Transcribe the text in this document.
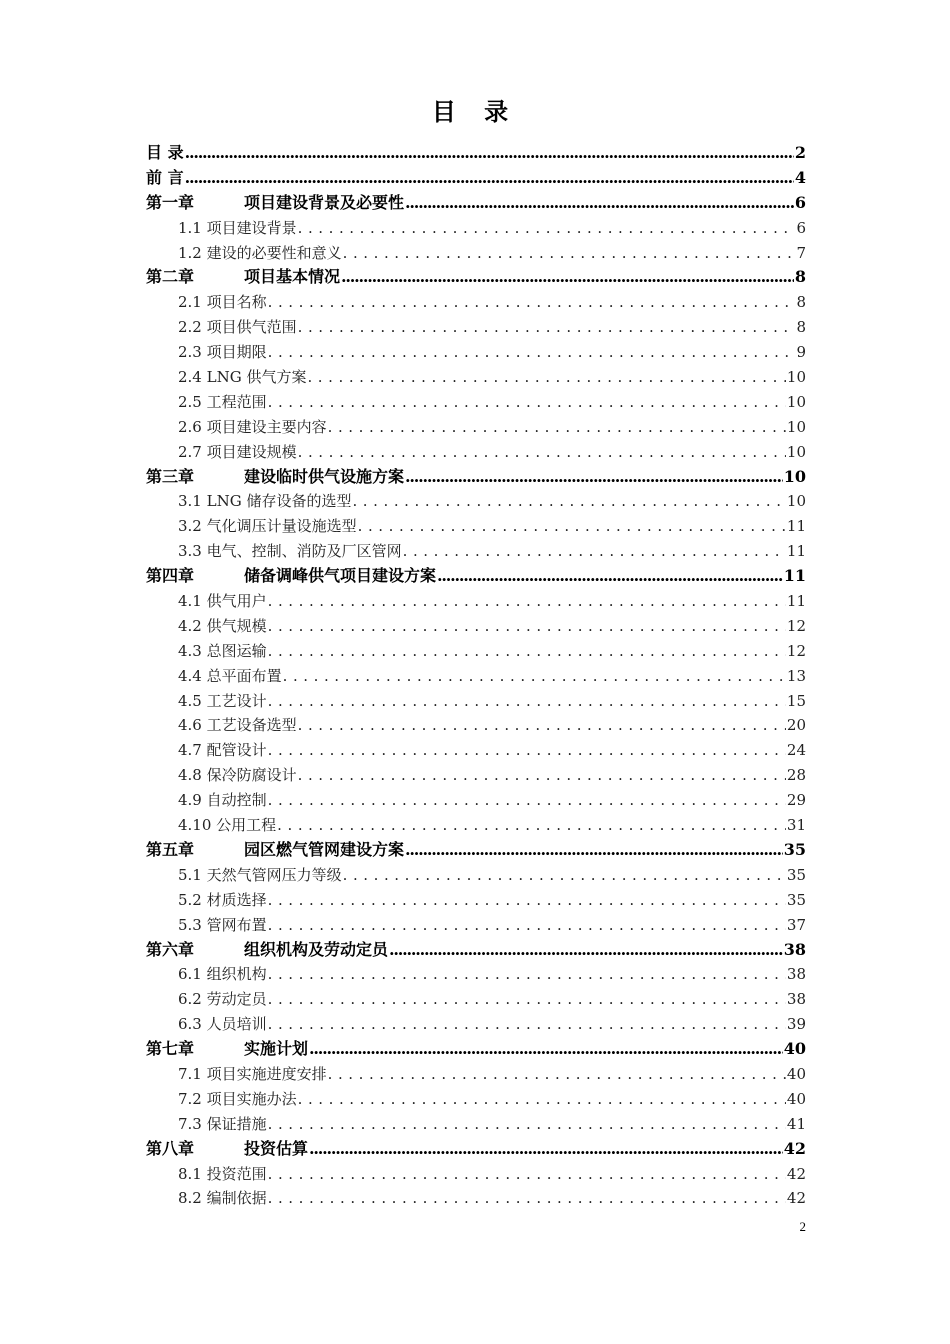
目 录
目 录 .....	2
前 言 .....	4
第一章	项目建设背景及必要性 .....	6
1.1 项目建设背景 . . .	6
1.2 建设的必要性和意义 . . .	7
第二章	项目基本情况 .....	8
2.1 项目名称 . . .	8
2.2 项目供气范围 . . .	8
2.3 项目期限 . . .	9
2.4 LNG 供气方案 . . .	10
2.5 工程范围 . . .	10
2.6 项目建设主要内容 . . .	10
2.7 项目建设规模 . . .	10
第三章	建设临时供气设施方案 .....	10
3.1 LNG 储存设备的选型 . . .	10
3.2 气化调压计量设施选型 . . .	11
3.3 电气、控制、消防及厂区管网 . . .	11
第四章	储备调峰供气项目建设方案 .....	11
4.1 供气用户 . . .	11
4.2 供气规模 . . .	12
4.3 总图运输 . . .	12
4.4 总平面布置 . . .	13
4.5 工艺设计 . . .	15
4.6 工艺设备选型 . . .	20
4.7 配管设计 . . .	24
4.8 保冷防腐设计 . . .	28
4.9 自动控制 . . .	29
4.10 公用工程 . . .	31
第五章	园区燃气管网建设方案 .....	35
5.1 天然气管网压力等级 . . .	35
5.2 材质选择 . . .	35
5.3 管网布置 . . .	37
第六章	组织机构及劳动定员 .....	38
6.1 组织机构 . . .	38
6.2 劳动定员 . . .	38
6.3 人员培训 . . .	39
第七章	实施计划 .....	40
7.1 项目实施进度安排 . . .	40
7.2 项目实施办法 . . .	40
7.3 保证措施 . . .	41
第八章	投资估算 .....	42
8.1 投资范围 . . .	42
8.2 编制依据 . . .	42
2
